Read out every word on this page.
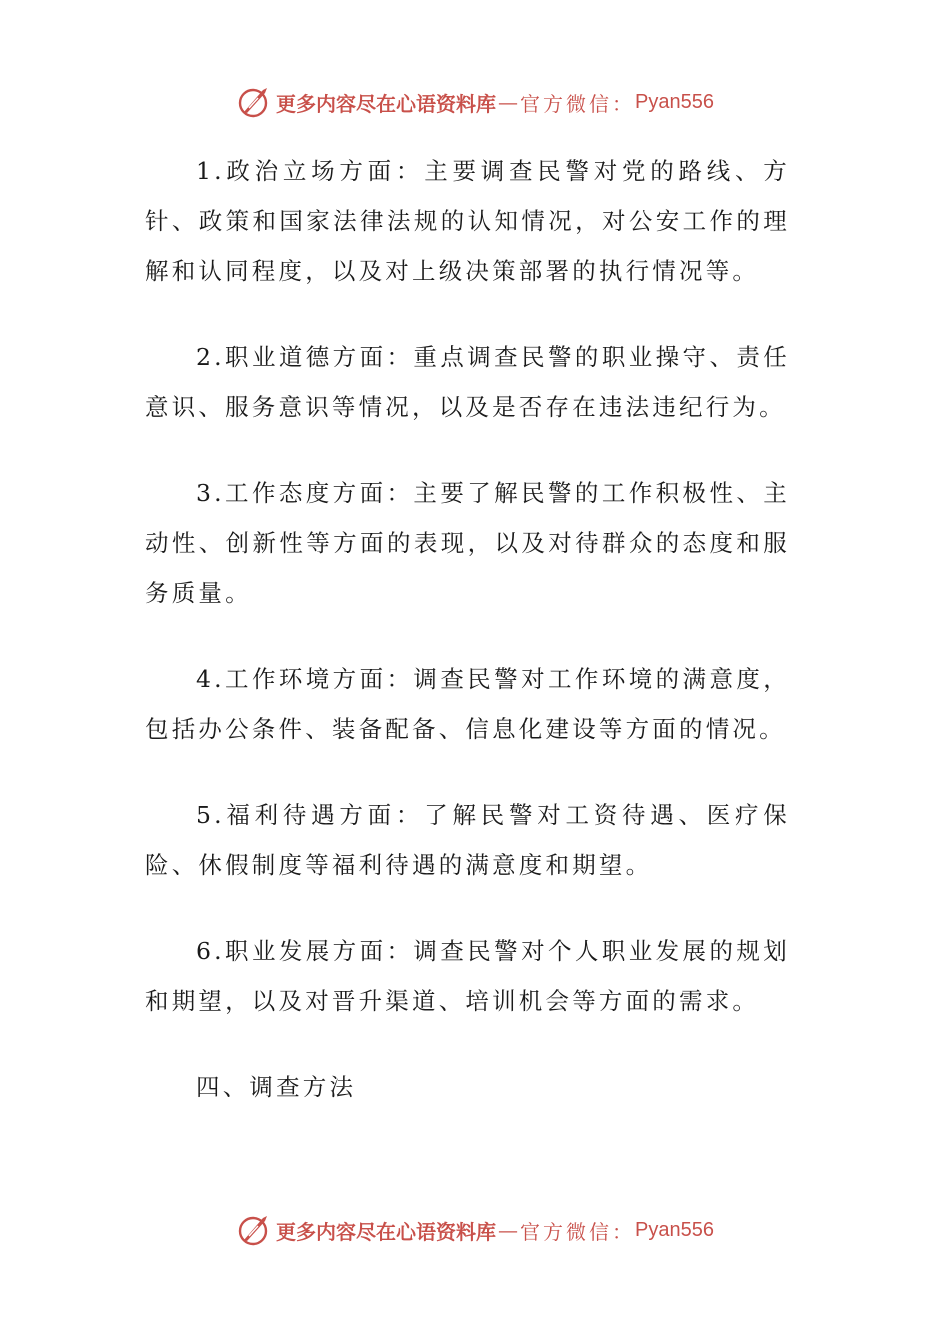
更多内容尽在心语资料库 — 官方微信： Pyan556

1.政治立场方面：主要调查民警对党的路线、方针、政策和国家法律法规的认知情况，对公安工作的理解和认同程度，以及对上级决策部署的执行情况等。

2.职业道德方面：重点调查民警的职业操守、责任意识、服务意识等情况，以及是否存在违法违纪行为。

3.工作态度方面：主要了解民警的工作积极性、主动性、创新性等方面的表现，以及对待群众的态度和服务质量。

4.工作环境方面：调查民警对工作环境的满意度，包括办公条件、装备配备、信息化建设等方面的情况。

5.福利待遇方面：了解民警对工资待遇、医疗保险、休假制度等福利待遇的满意度和期望。

6.职业发展方面：调查民警对个人职业发展的规划和期望，以及对晋升渠道、培训机会等方面的需求。

四、调查方法

更多内容尽在心语资料库 — 官方微信： Pyan556
